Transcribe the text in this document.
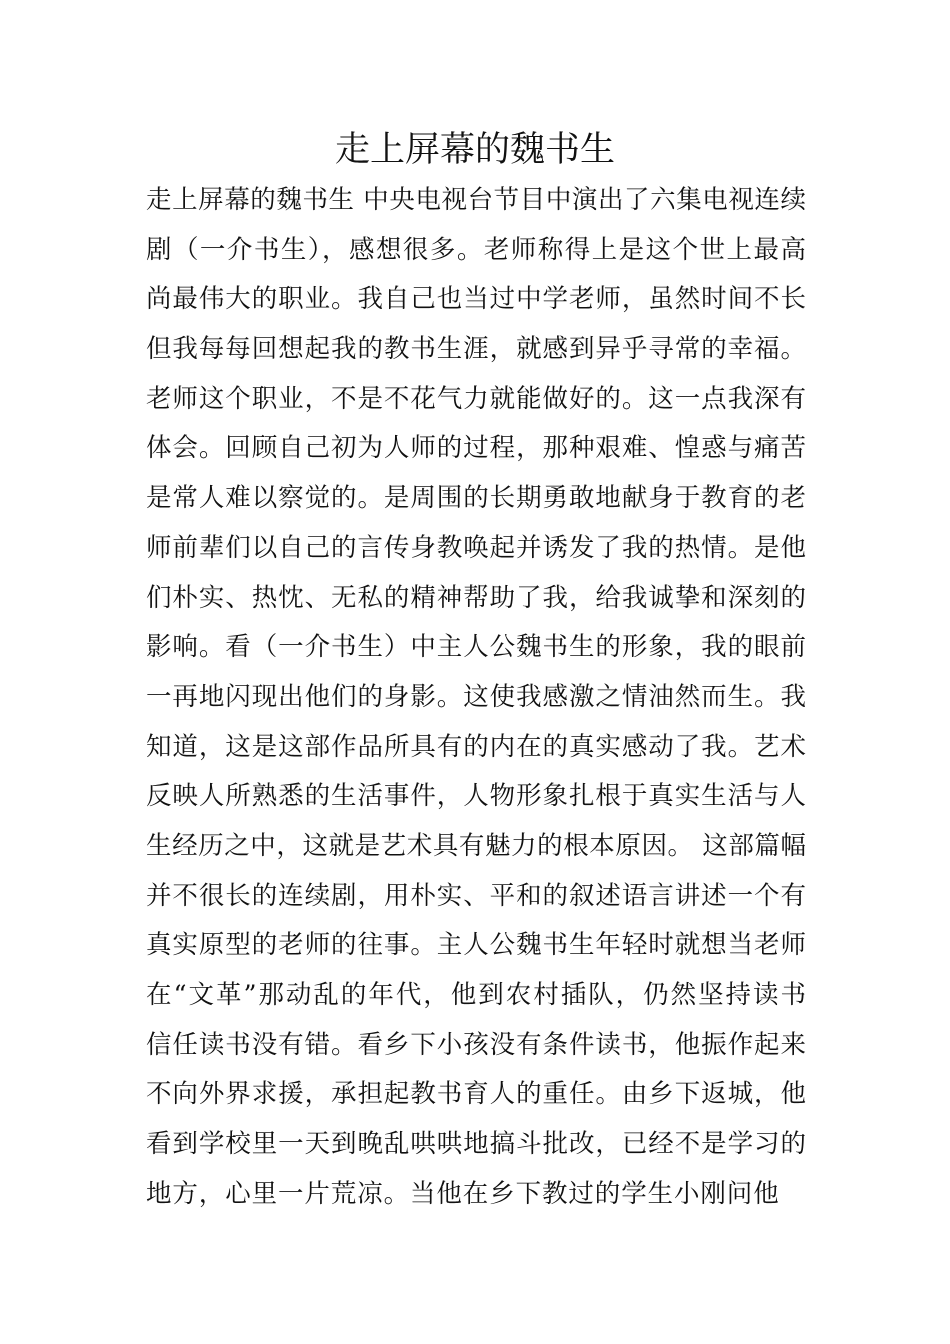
走上屏幕的魏书生
走上屏幕的魏书生 中央电视台节目中演出了六集电视连续
剧（一介书生），感想很多。老师称得上是这个世上最高
尚最伟大的职业。我自己也当过中学老师，虽然时间不长
但我每每回想起我的教书生涯，就感到异乎寻常的幸福。
老师这个职业，不是不花气力就能做好的。这一点我深有
体会。回顾自己初为人师的过程，那种艰难、惶惑与痛苦
是常人难以察觉的。是周围的长期勇敢地献身于教育的老
师前辈们以自己的言传身教唤起并诱发了我的热情。是他
们朴实、热忱、无私的精神帮助了我，给我诚挚和深刻的
影响。看（一介书生）中主人公魏书生的形象，我的眼前
一再地闪现出他们的身影。这使我感激之情油然而生。我
知道，这是这部作品所具有的内在的真实感动了我。艺术
反映人所熟悉的生活事件，人物形象扎根于真实生活与人
生经历之中，这就是艺术具有魅力的根本原因。 这部篇幅
并不很长的连续剧，用朴实、平和的叙述语言讲述一个有
真实原型的老师的往事。主人公魏书生年轻时就想当老师
在“文革”那动乱的年代，他到农村插队，仍然坚持读书
信任读书没有错。看乡下小孩没有条件读书，他振作起来
不向外界求援，承担起教书育人的重任。由乡下返城，他
看到学校里一天到晚乱哄哄地搞斗批改，已经不是学习的
地方，心里一片荒凉。当他在乡下教过的学生小刚问他
